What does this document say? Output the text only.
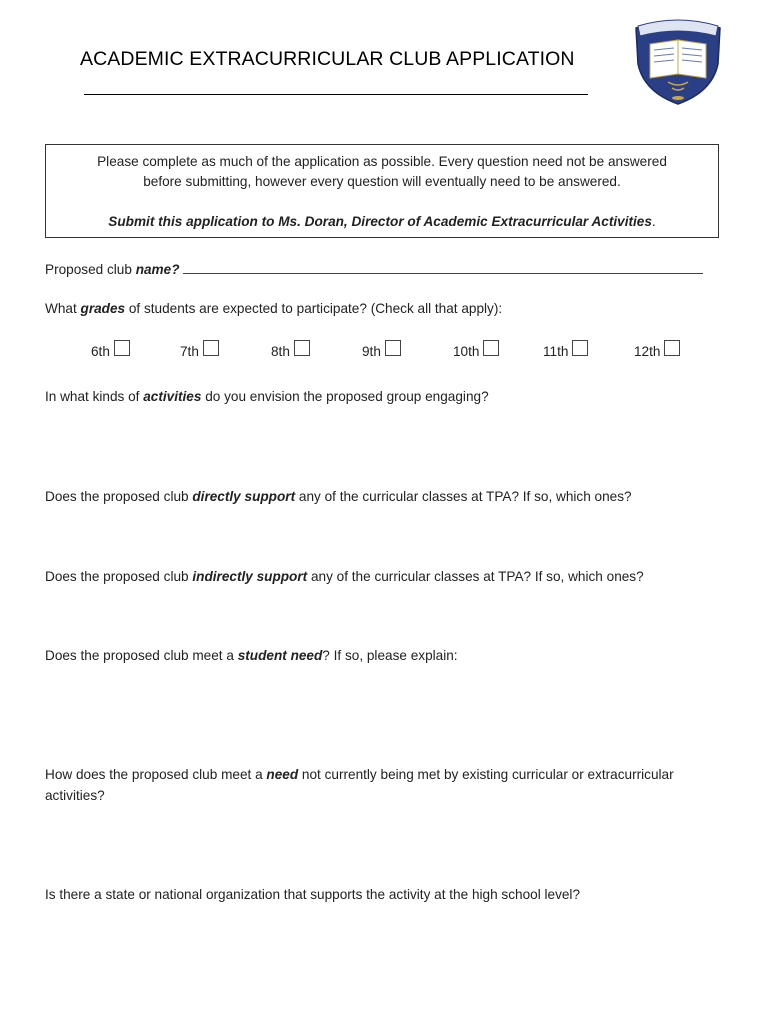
ACADEMIC EXTRACURRICULAR CLUB APPLICATION
Please complete as much of the application as possible. Every question need not be answered
before submitting, however every question will eventually need to be answered.
Submit this application to Ms. Doran, Director of Academic Extracurricular Activities.
Proposed club name?
What grades of students are expected to participate? (Check all that apply):
6th	7th	8th	9th	10th	11th	12th
In what kinds of activities do you envision the proposed group engaging?
Does the proposed club directly support any of the curricular classes at TPA? If so, which ones?
Does the proposed club indirectly support any of the curricular classes at TPA? If so, which ones?
Does the proposed club meet a student need? If so, please explain:
How does the proposed club meet a need not currently being met by existing curricular or extracurricular activities?
Is there a state or national organization that supports the activity at the high school level?
